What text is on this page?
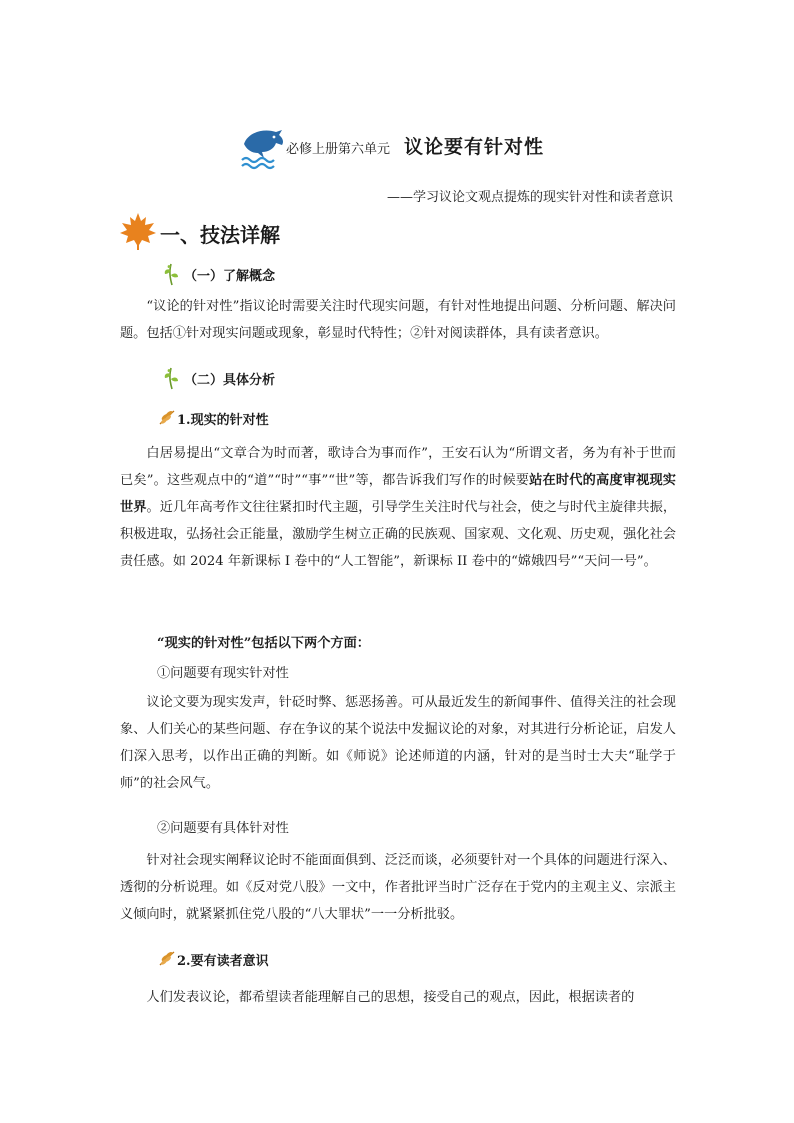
必修上册第六单元 议论要有针对性
——学习议论文观点提炼的现实针对性和读者意识
一、技法详解
（一）了解概念

“议论的针对性”指议论时需要关注时代现实问题，有针对性地提出问题、分析问题、解决问题。包括①针对现实问题或现象，彰显时代特性；②针对阅读群体，具有读者意识。

（二）具体分析
1.现实的针对性

白居易提出“文章合为时而著，歌诗合为事而作”，王安石认为“所谓文者，务为有补于世而已矣”。这些观点中的“道”“时”“事”“世”等，都告诉我们写作的时候要站在时代的高度审视现实世界。近几年高考作文往往紧扣时代主题，引导学生关注时代与社会，使之与时代主旋律共振，积极进取，弘扬社会正能量，激励学生树立正确的民族观、国家观、文化观、历史观，强化社会责任感。如 2024 年新课标 I 卷中的“人工智能”，新课标 II 卷中的“嫦娥四号”“天问一号”。

“现实的针对性”包括以下两个方面：
①问题要有现实针对性

议论文要为现实发声，针砭时弊、惩恶扬善。可从最近发生的新闻事件、值得关注的社会现象、人们关心的某些问题、存在争议的某个说法中发掘议论的对象，对其进行分析论证，启发人们深入思考，以作出正确的判断。如《师说》论述师道的内涵，针对的是当时士大夫“耻学于师”的社会风气。

②问题要有具体针对性

针对社会现实阐释议论时不能面面俱到、泛泛而谈，必须要针对一个具体的问题进行深入、透彻的分析说理。如《反对党八股》一文中，作者批评当时广泛存在于党内的主观主义、宗派主义倾向时，就紧紧抓住党八股的“八大罪状”一一分析批驳。

2.要有读者意识

人们发表议论，都希望读者能理解自己的思想，接受自己的观点，因此，根据读者的
